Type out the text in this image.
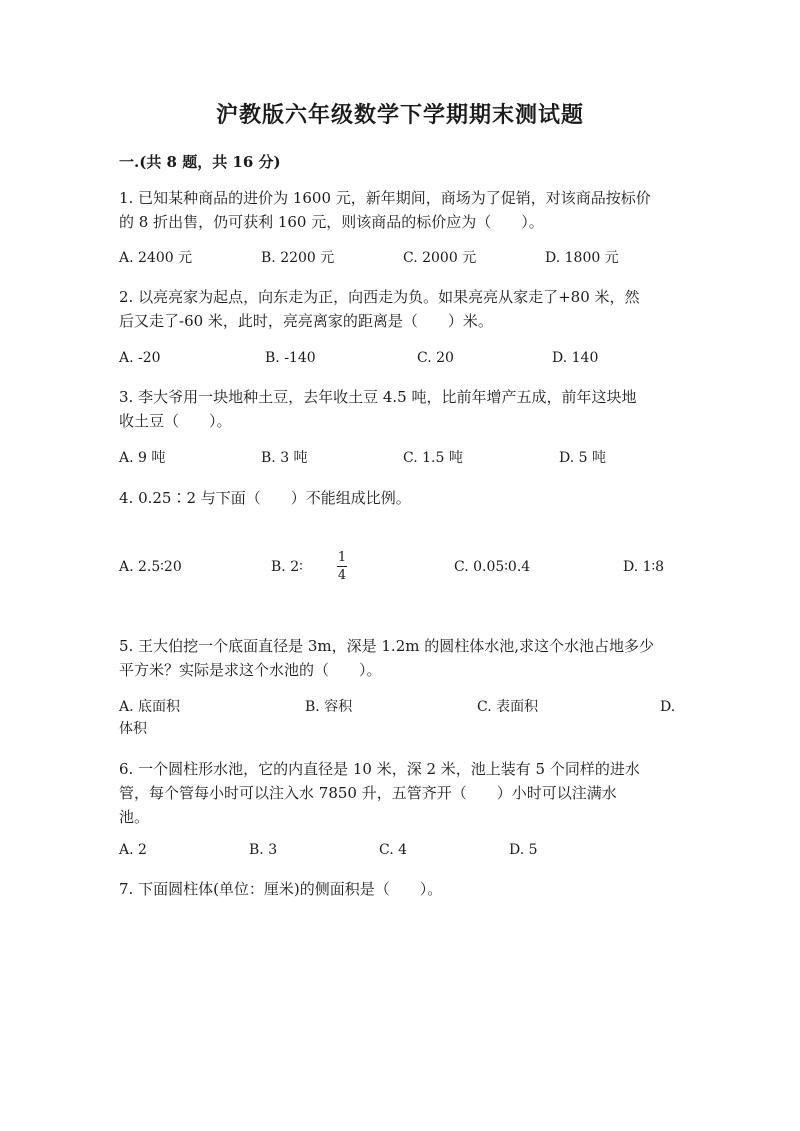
沪教版六年级数学下学期期末测试题
一.(共 8 题，共 16 分)
1. 已知某种商品的进价为 1600 元，新年期间，商场为了促销，对该商品按标价
的 8 折出售，仍可获利 160 元，则该商品的标价应为（　　）。
A. 2400 元	B. 2200 元	C. 2000 元	D. 1800 元
2. 以亮亮家为起点，向东走为正，向西走为负。如果亮亮从家走了+80 米，然
后又走了-60 米，此时，亮亮离家的距离是（　　）米。
A. -20	B. -140	C. 20	D. 140
3. 李大爷用一块地种土豆，去年收土豆 4.5 吨，比前年增产五成，前年这块地
收土豆（　　）。
A. 9 吨	B. 3 吨	C. 1.5 吨	D. 5 吨
4. 0.25∶2 与下面（　　）不能组成比例。
A. 2.5∶20	B. 2∶
1
4
C. 0.05∶0.4	D. 1∶8
5. 王大伯挖一个底面直径是 3m，深是 1.2m 的圆柱体水池,求这个水池占地多少
平方米？实际是求这个水池的（　　）。
A. 底面积	B. 容积	C. 表面积	D.
体积
6. 一个圆柱形水池，它的内直径是 10 米，深 2 米，池上装有 5 个同样的进水
管，每个管每小时可以注入水 7850 升，五管齐开（　　）小时可以注满水
池。
A. 2	B. 3	C. 4	D. 5
7. 下面圆柱体(单位：厘米)的侧面积是（　　）。
